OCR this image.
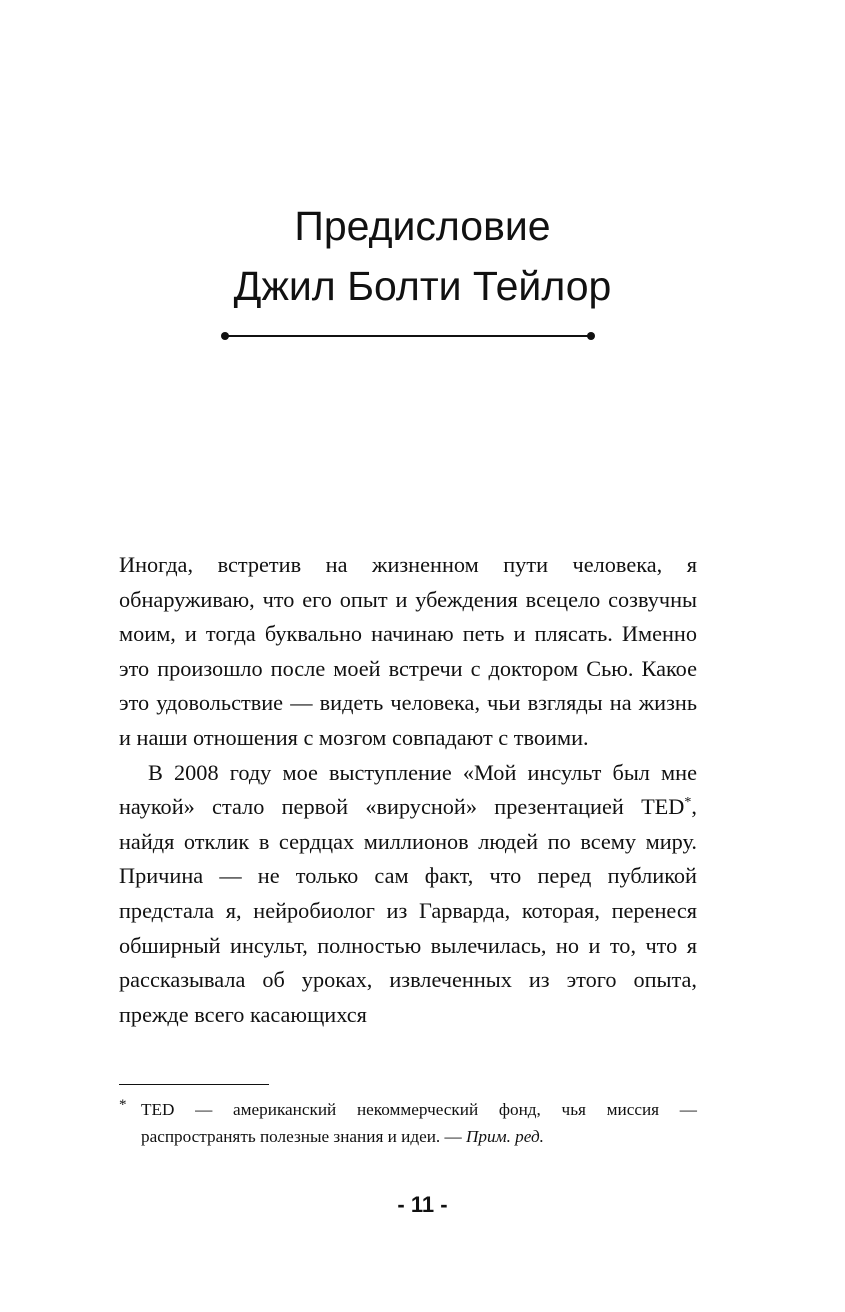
Предисловие
Джил Болти Тейлор

Иногда, встретив на жизненном пути человека, я обнаруживаю, что его опыт и убеждения всецело созвучны моим, и тогда буквально начинаю петь и плясать. Именно это произошло после моей встречи с доктором Сью. Какое это удовольствие — видеть человека, чьи взгляды на жизнь и наши отношения с мозгом совпадают с твоими.

В 2008 году мое выступление «Мой инсульт был мне наукой» стало первой «вирусной» презентацией TED*, найдя отклик в сердцах миллионов людей по всему миру. Причина — не только сам факт, что перед публикой предстала я, нейробиолог из Гарварда, которая, перенеся обширный инсульт, полностью вылечилась, но и то, что я рассказывала об уроках, извлеченных из этого опыта, прежде всего касающихся

* TED — американский некоммерческий фонд, чья миссия — распространять полезные знания и идеи. — Прим. ред.
- 11 -
